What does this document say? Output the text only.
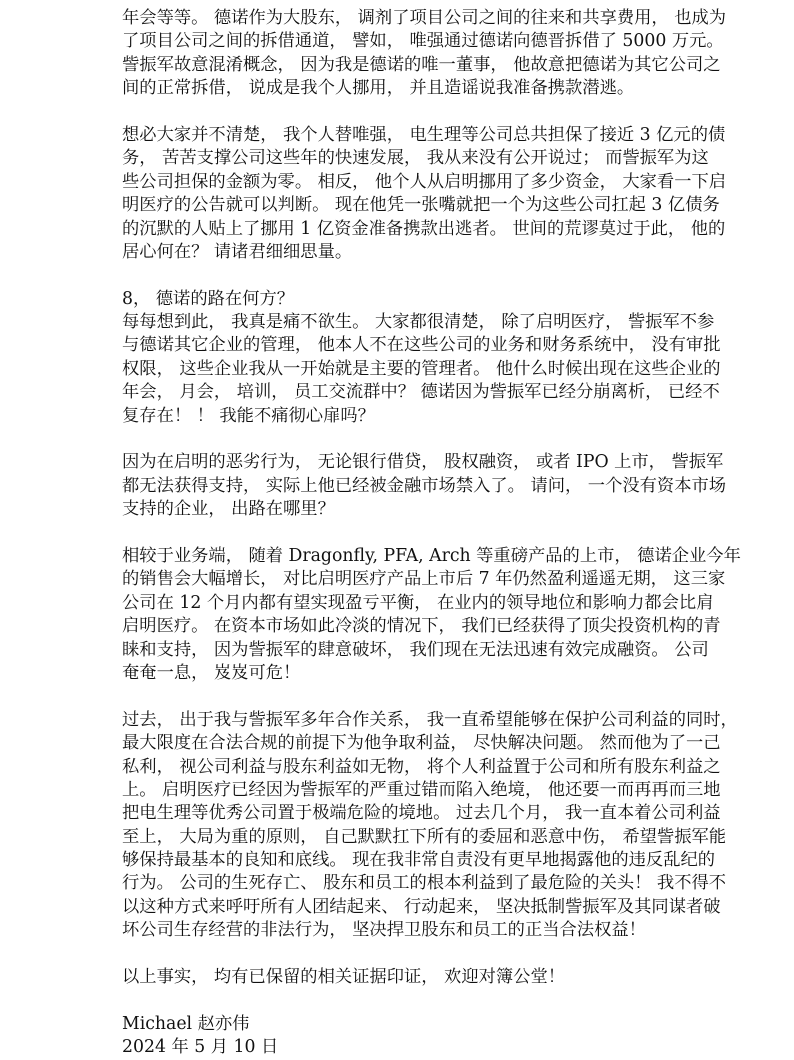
年会等等。 德诺作为大股东， 调剂了项目公司之间的往来和共享费用， 也成为
了项目公司之间的拆借通道， 譬如， 唯强通过德诺向德晋拆借了 5000 万元。
訾振军故意混淆概念， 因为我是德诺的唯一董事， 他故意把德诺为其它公司之
间的正常拆借， 说成是我个人挪用， 并且造谣说我准备携款潜逃。
想必大家并不清楚， 我个人替唯强， 电生理等公司总共担保了接近 3 亿元的债
务， 苦苦支撑公司这些年的快速发展， 我从来没有公开说过； 而訾振军为这
些公司担保的金额为零。 相反， 他个人从启明挪用了多少资金， 大家看一下启
明医疗的公告就可以判断。 现在他凭一张嘴就把一个为这些公司扛起 3 亿债务
的沉默的人贴上了挪用 1 亿资金准备携款出逃者。 世间的荒谬莫过于此， 他的
居心何在？ 请诸君细细思量。
8， 德诺的路在何方？
每每想到此， 我真是痛不欲生。 大家都很清楚， 除了启明医疗， 訾振军不参
与德诺其它企业的管理， 他本人不在这些公司的业务和财务系统中， 没有审批
权限， 这些企业我从一开始就是主要的管理者。 他什么时候出现在这些企业的
年会， 月会， 培训， 员工交流群中？ 德诺因为訾振军已经分崩离析， 已经不
复存在！ ！ 我能不痛彻心扉吗？
因为在启明的恶劣行为， 无论银行借贷， 股权融资， 或者 IPO 上市， 訾振军
都无法获得支持， 实际上他已经被金融市场禁入了。 请问， 一个没有资本市场
支持的企业， 出路在哪里？
相较于业务端， 随着 Dragonfly, PFA, Arch 等重磅产品的上市， 德诺企业今年
的销售会大幅增长， 对比启明医疗产品上市后 7 年仍然盈利遥遥无期， 这三家
公司在 12 个月内都有望实现盈亏平衡， 在业内的领导地位和影响力都会比肩
启明医疗。 在资本市场如此冷淡的情况下， 我们已经获得了顶尖投资机构的青
睐和支持， 因为訾振军的肆意破坏， 我们现在无法迅速有效完成融资。 公司
奄奄一息， 岌岌可危！
过去， 出于我与訾振军多年合作关系， 我一直希望能够在保护公司利益的同时，
最大限度在合法合规的前提下为他争取利益， 尽快解决问题。 然而他为了一己
私利， 视公司利益与股东利益如无物， 将个人利益置于公司和所有股东利益之
上。 启明医疗已经因为訾振军的严重过错而陷入绝境， 他还要一而再再而三地
把电生理等优秀公司置于极端危险的境地。 过去几个月， 我一直本着公司利益
至上， 大局为重的原则， 自己默默扛下所有的委屈和恶意中伤， 希望訾振军能
够保持最基本的良知和底线。 现在我非常自责没有更早地揭露他的违反乱纪的
行为。 公司的生死存亡、 股东和员工的根本利益到了最危险的关头！ 我不得不
以这种方式来呼吁所有人团结起来、 行动起来， 坚决抵制訾振军及其同谋者破
坏公司生存经营的非法行为， 坚决捍卫股东和员工的正当合法权益！
以上事实， 均有已保留的相关证据印证， 欢迎对簿公堂！
Michael 赵亦伟
2024 年 5 月 10 日
